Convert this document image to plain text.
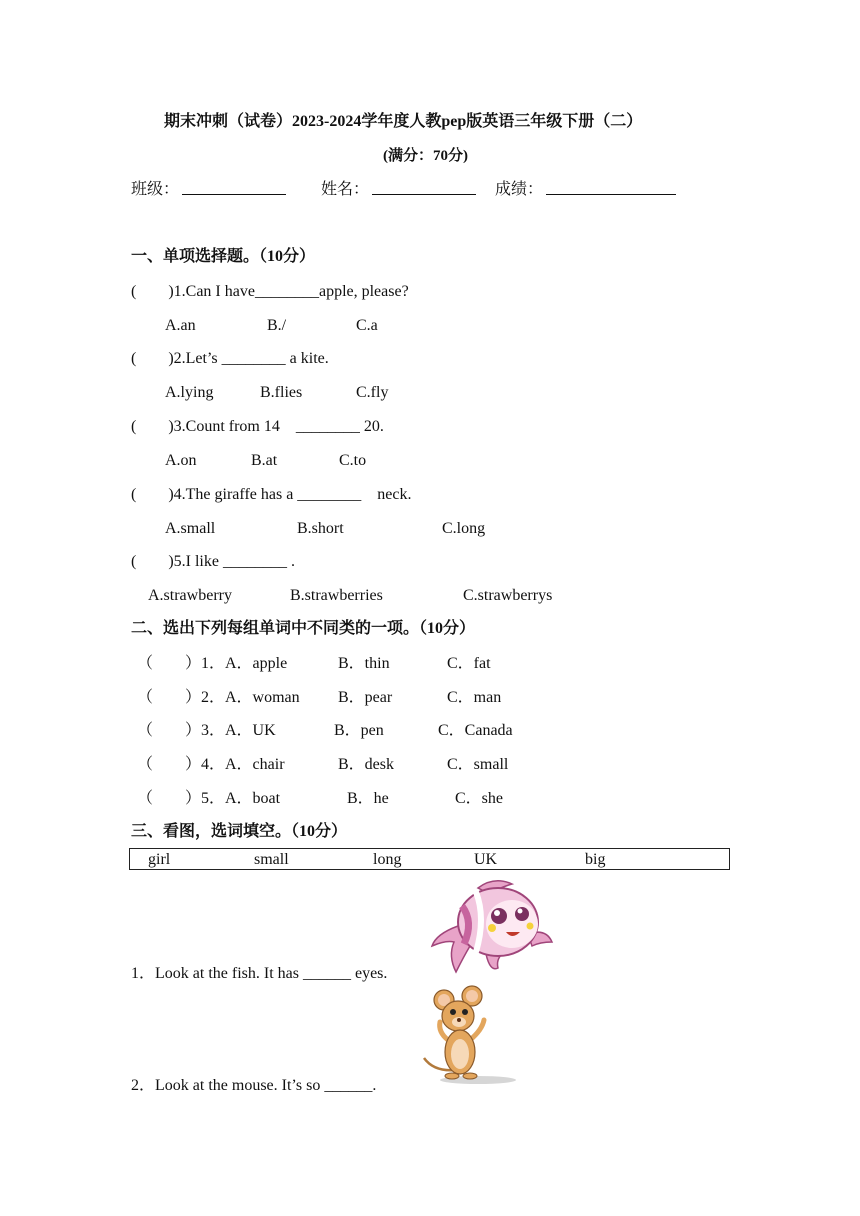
期末冲刺（试卷）2023-2024学年度人教pep版英语三年级下册（二）
(满分：70分)
班级：	姓名：	成绩：
一、单项选择题。（10分）
(        )1.Can I have________apple, please?
A.an	B./	C.a
(        )2.Let’s ________ a kite.
A.lying	B.flies	C.fly
(        )3.Count from 14    ________ 20.
A.on	B.at	C.to
(        )4.The giraffe has a ________    neck.
A.small	B.short	C.long
(        )5.I like ________ .
A.strawberry	B.strawberries	C.strawberrys
二、选出下列每组单词中不同类的一项。（10分）
（        ）1．A．apple	B．thin	C．fat
（        ）2．A．woman B．pear	C．man
（        ）3．A．UK	B．pen	C．Canada
（        ）4．A．chair	B．desk	C．small
（        ）5．A．boat	B．he	C．she
三、看图，选词填空。（10分）
girl	small	long	UK	big
1．Look at the fish. It has ______ eyes.
2．Look at the mouse. It’s so ______.
